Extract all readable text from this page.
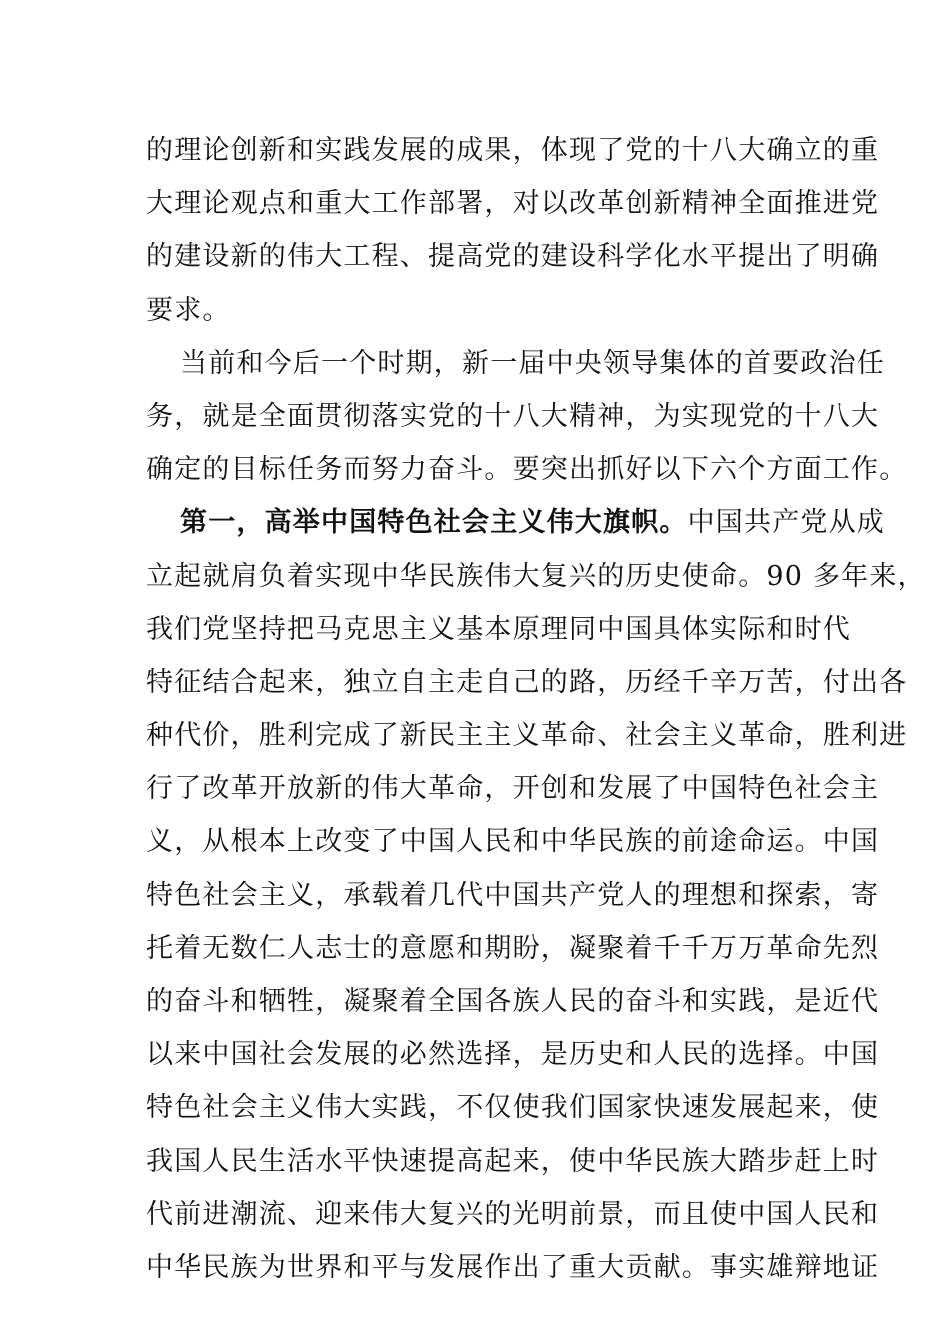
的理论创新和实践发展的成果，体现了党的十八大确立的重
大理论观点和重大工作部署，对以改革创新精神全面推进党
的建设新的伟大工程、提高党的建设科学化水平提出了明确
要求。
当前和今后一个时期，新一届中央领导集体的首要政治任
务，就是全面贯彻落实党的十八大精神，为实现党的十八大
确定的目标任务而努力奋斗。要突出抓好以下六个方面工作。
第一，高举中国特色社会主义伟大旗帜。中国共产党从成
立起就肩负着实现中华民族伟大复兴的历史使命。90 多年来，
我们党坚持把马克思主义基本原理同中国具体实际和时代
特征结合起来，独立自主走自己的路，历经千辛万苦，付出各
种代价，胜利完成了新民主主义革命、社会主义革命，胜利进
行了改革开放新的伟大革命，开创和发展了中国特色社会主
义，从根本上改变了中国人民和中华民族的前途命运。中国
特色社会主义，承载着几代中国共产党人的理想和探索，寄
托着无数仁人志士的意愿和期盼，凝聚着千千万万革命先烈
的奋斗和牺牲，凝聚着全国各族人民的奋斗和实践，是近代
以来中国社会发展的必然选择，是历史和人民的选择。中国
特色社会主义伟大实践，不仅使我们国家快速发展起来，使
我国人民生活水平快速提高起来，使中华民族大踏步赶上时
代前进潮流、迎来伟大复兴的光明前景，而且使中国人民和
中华民族为世界和平与发展作出了重大贡献。事实雄辩地证
